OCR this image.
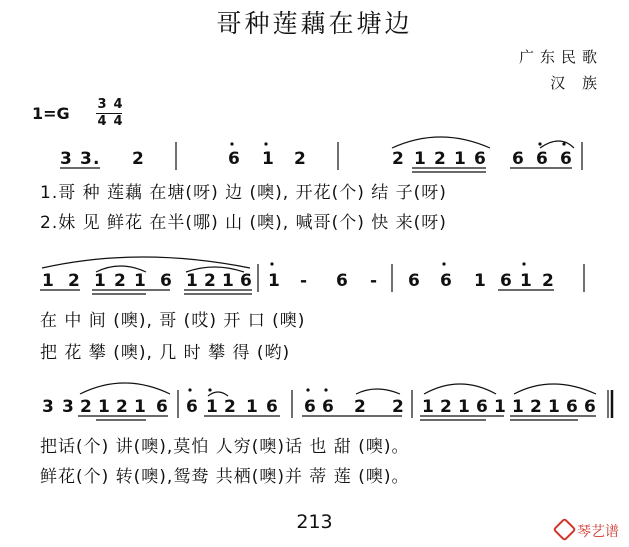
哥种莲藕在塘边
广东民歌
汉 族
1=G 3
4
4
4
3 3 . 2	6 1 2	2 1 2 1 6 6 6 6
1.哥 种 莲藕 在塘(呀) 边 (噢), 开花(个) 结 子(呀)
2.妹 见 鲜花 在半(哪) 山 (噢), 喊哥(个) 快 来(呀)
1 2 1 2 1 6 1 2 1 6 1 - 6 - 6 6 1 6 1 2
在 中 间 (噢), 哥 (哎) 开 口 (噢)
把 花 攀 (噢), 几 时 攀 得 (哟)
3 3 2 1 2 1 6 6 1 2 1 6 6 6 2 2 1 2 1 6 1 1 2 1 6 6
把话(个) 讲(噢),莫怕 人穷(噢)话 也 甜 (噢)。
鲜花(个) 转(噢),鸳鸯 共栖(噢)并 蒂 莲 (噢)。
213	琴艺谱
